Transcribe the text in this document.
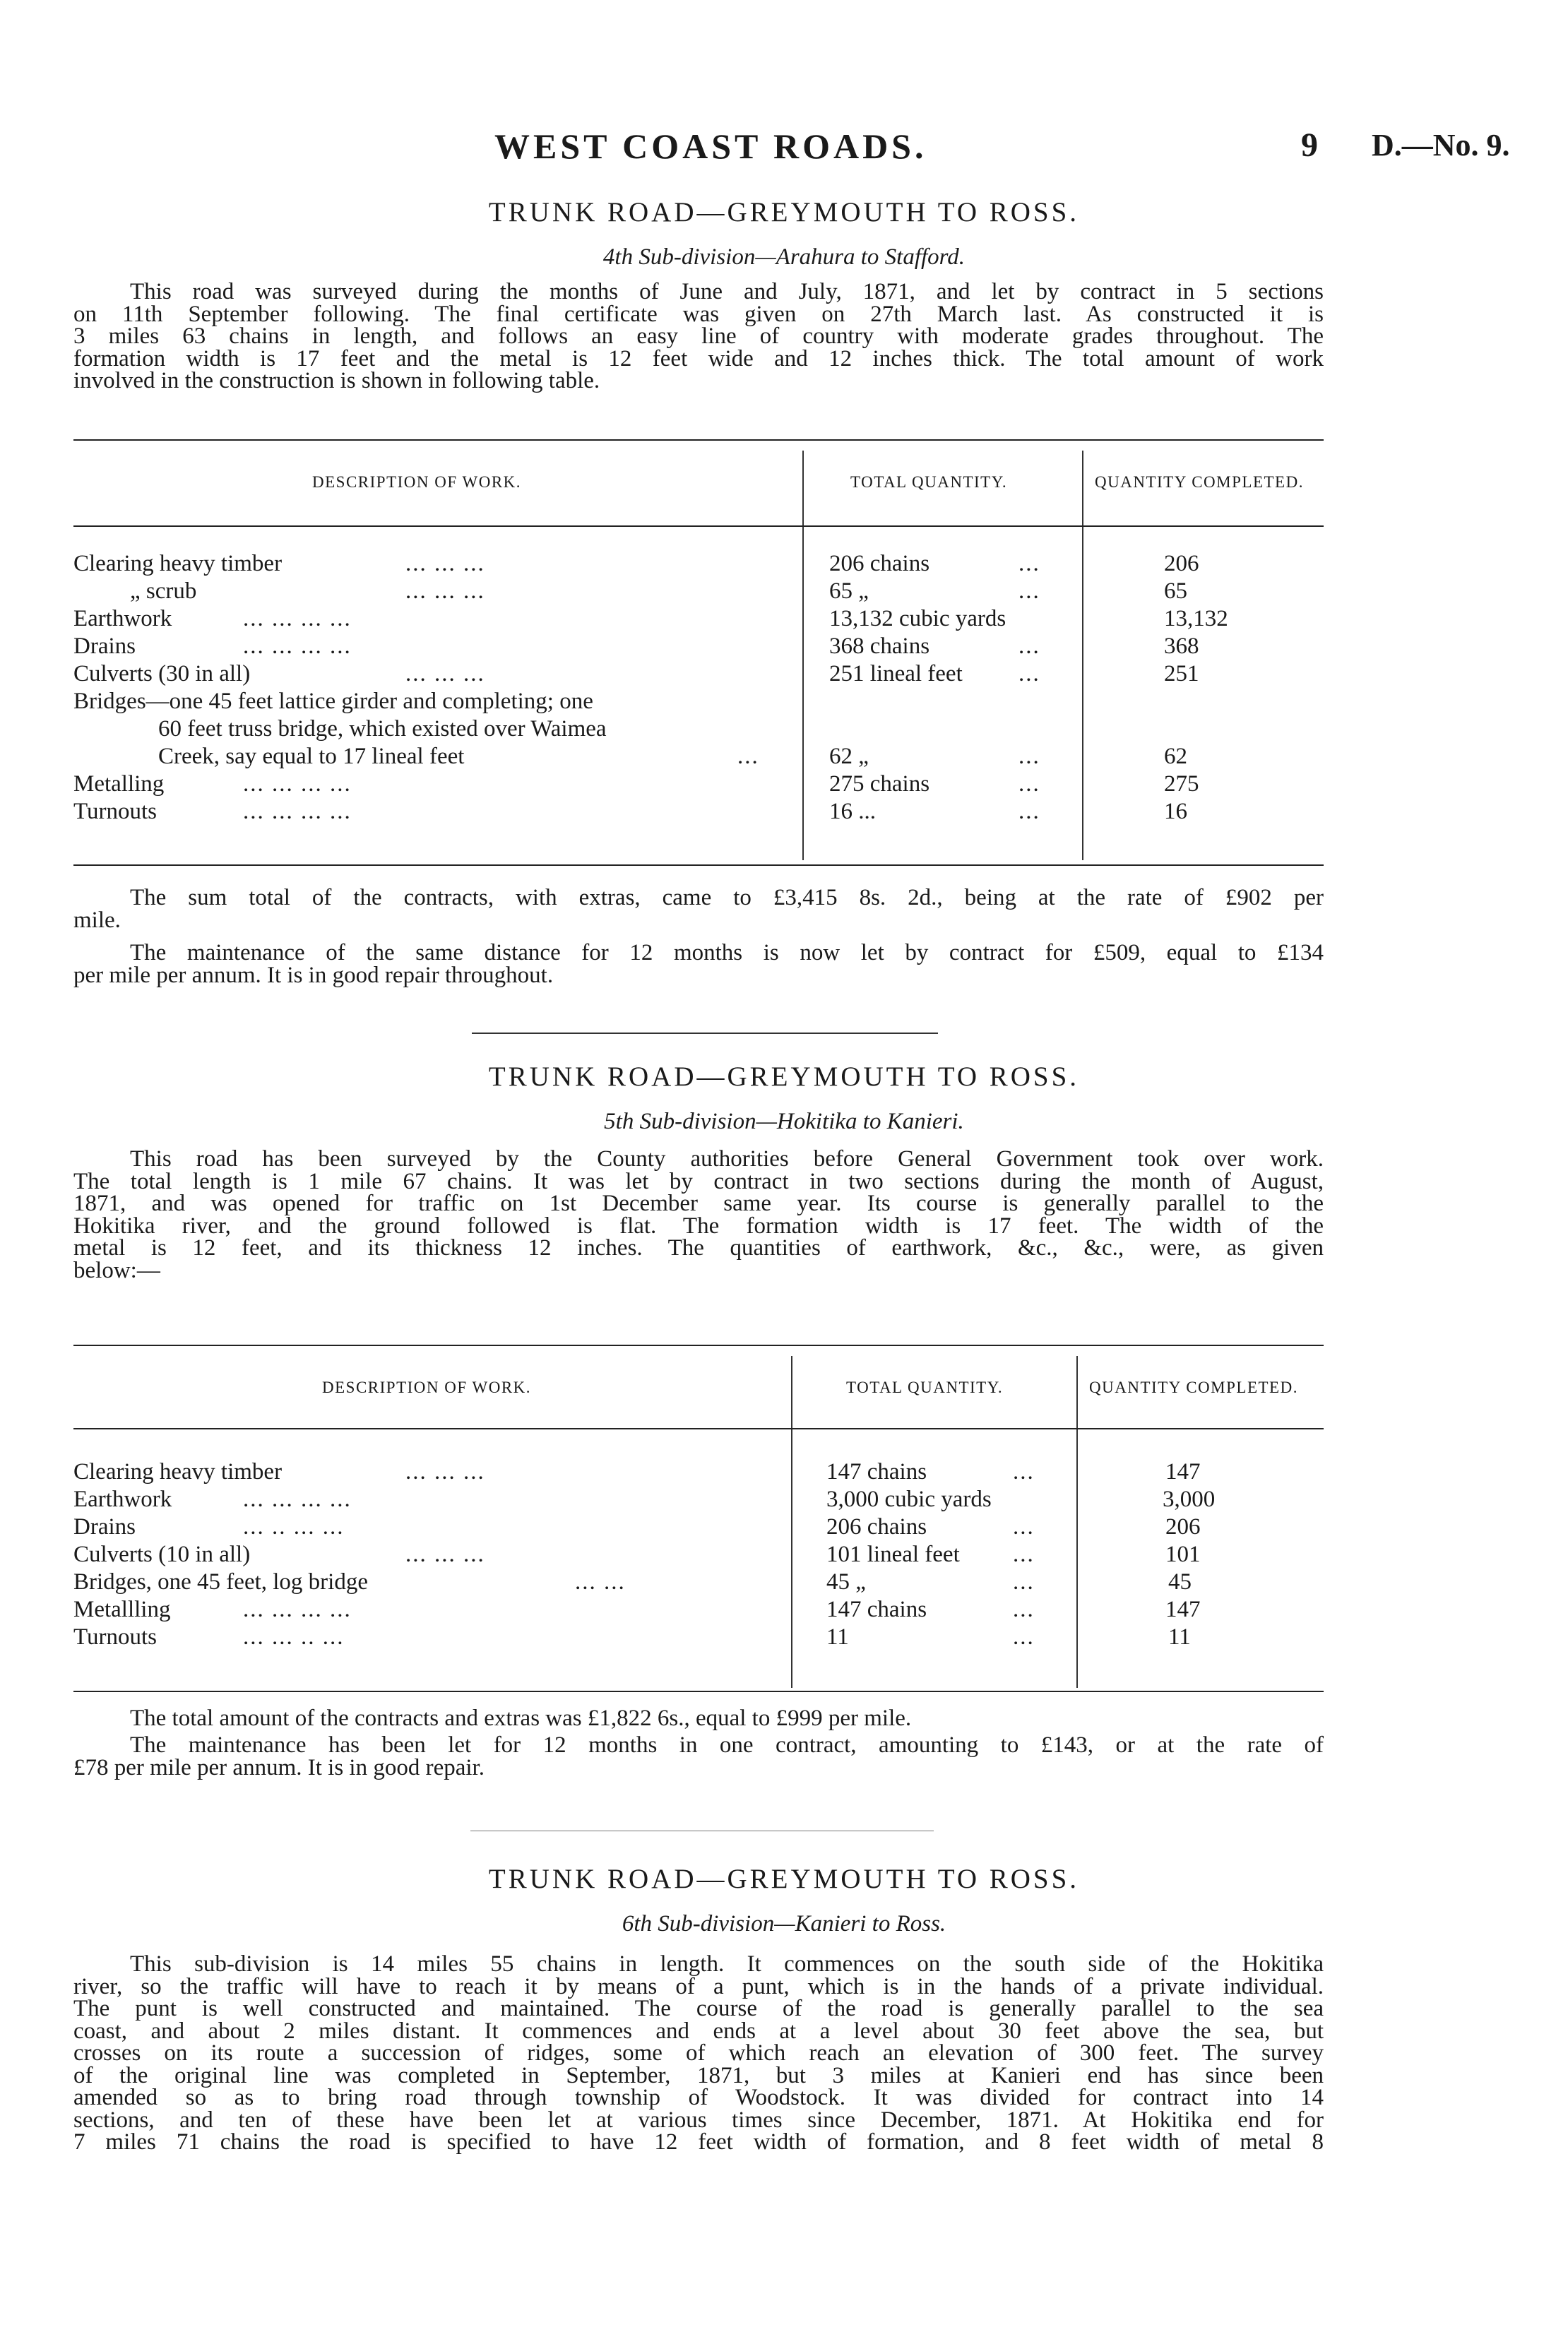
WEST COAST ROADS.	9 D.—No. 9.
TRUNK ROAD—GREYMOUTH TO ROSS.
4th Sub-division—Arahura to Stafford.
This road was surveyed during the months of June and July, 1871, and let by contract in 5 sections
on 11th September following. The final certificate was given on 27th March last. As constructed it is
3 miles 63 chains in length, and follows an easy line of country with moderate grades throughout. The
formation width is 17 feet and the metal is 12 feet wide and 12 inches thick. The total amount of work
involved in the construction is shown in following table.
DESCRIPTION OF WORK.	TOTAL QUANTITY.	QUANTITY COMPLETED.
Clearing heavy timber	... ... ...	206 chains	...	206
„ scrub	... ... ...	65 „	...	65
Earthwork	... ... ... ...	13,132 cubic yards	13,132
Drains	... ... ... ...	368 chains	...	368
Culverts (30 in all)	... ... ...	251 lineal feet ...	251
Bridges—one 45 feet lattice girder and completing; one
60 feet truss bridge, which existed over Waimea
Creek, say equal to 17 lineal feet	...	62 „	...	62
Metalling	... ... ... ...	275 chains	...	275
Turnouts	... ... ... ...	16 ...	...	16
The sum total of the contracts, with extras, came to £3,415 8s. 2d., being at the rate of £902 per
mile.
The maintenance of the same distance for 12 months is now let by contract for £509, equal to £134
per mile per annum. It is in good repair throughout.
TRUNK ROAD—GREYMOUTH TO ROSS.
5th Sub-division—Hokitika to Kanieri.
This road has been surveyed by the County authorities before General Government took over work.
The total length is 1 mile 67 chains. It was let by contract in two sections during the month of August,
1871, and was opened for traffic on 1st December same year. Its course is generally parallel to the
Hokitika river, and the ground followed is flat. The formation width is 17 feet. The width of the
metal is 12 feet, and its thickness 12 inches. The quantities of earthwork, &c., &c., were, as given
below:—
DESCRIPTION OF WORK.	TOTAL QUANTITY.	QUANTITY COMPLETED.
Clearing heavy timber	... ... ...	147 chains	...	147
Earthwork	... ... ... ...	3,000 cubic yards	3,000
Drains	... .. ... ...	206 chains	...	206
Culverts (10 in all)	... ... ...	101 lineal feet ...	101
Bridges, one 45 feet, log bridge	... ...	45 „	...	45
Metallling	... ... ... ...	147 chains	...	147
Turnouts	... ... .. ...	11	...	11
The total amount of the contracts and extras was £1,822 6s., equal to £999 per mile.
The maintenance has been let for 12 months in one contract, amounting to £143, or at the rate of
£78 per mile per annum. It is in good repair.
TRUNK ROAD—GREYMOUTH TO ROSS.
6th Sub-division—Kanieri to Ross.
This sub-division is 14 miles 55 chains in length. It commences on the south side of the Hokitika
river, so the traffic will have to reach it by means of a punt, which is in the hands of a private individual.
The punt is well constructed and maintained. The course of the road is generally parallel to the sea
coast, and about 2 miles distant. It commences and ends at a level about 30 feet above the sea, but
crosses on its route a succession of ridges, some of which reach an elevation of 300 feet. The survey
of the original line was completed in September, 1871, but 3 miles at Kanieri end has since been
amended so as to bring road through township of Woodstock. It was divided for contract into 14
sections, and ten of these have been let at various times since December, 1871. At Hokitika end for
7 miles 71 chains the road is specified to have 12 feet width of formation, and 8 feet width of metal 8
